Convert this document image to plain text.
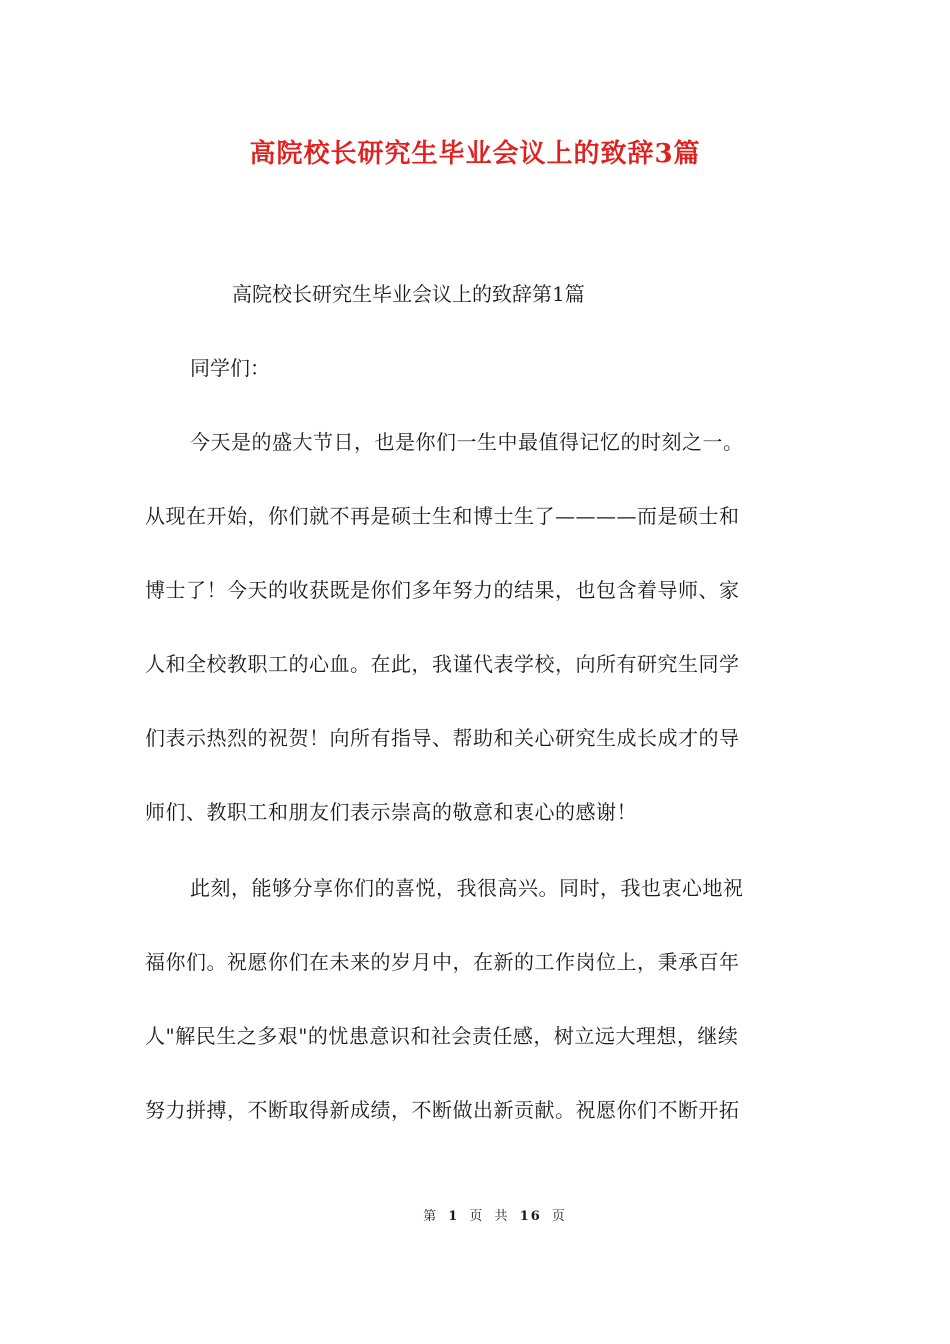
高院校长研究生毕业会议上的致辞3篇

高院校长研究生毕业会议上的致辞第1篇

同学们：

今天是的盛大节日，也是你们一生中最值得记忆的时刻之一。

从现在开始，你们就不再是硕士生和博士生了————而是硕士和

博士了！今天的收获既是你们多年努力的结果，也包含着导师、家

人和全校教职工的心血。在此，我谨代表学校，向所有研究生同学

们表示热烈的祝贺！向所有指导、帮助和关心研究生成长成才的导

师们、教职工和朋友们表示崇高的敬意和衷心的感谢！

此刻，能够分享你们的喜悦，我很高兴。同时，我也衷心地祝

福你们。祝愿你们在未来的岁月中，在新的工作岗位上，秉承百年

人"解民生之多艰"的忧患意识和社会责任感，树立远大理想，继续

努力拼搏，不断取得新成绩，不断做出新贡献。祝愿你们不断开拓

第 1 页 共 16 页
